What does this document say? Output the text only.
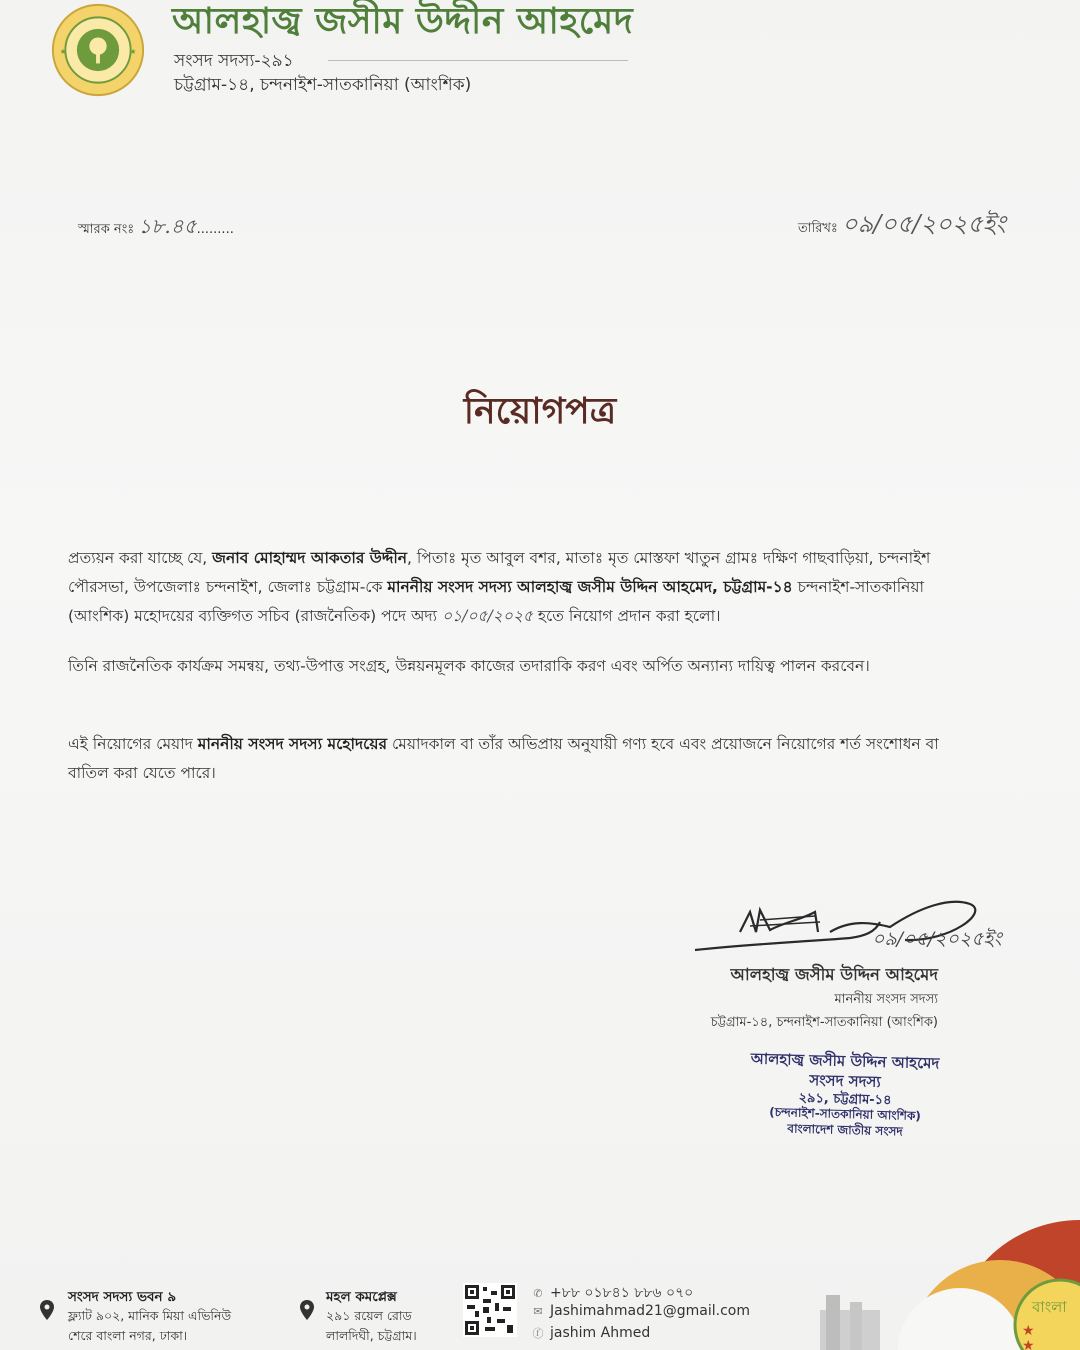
★	★
আলহাজ্ব জসীম উদ্দীন আহমেদ
সংসদ সদস্য-২৯১
চট্টগ্রাম-১৪, চন্দনাইশ-সাতকানিয়া (আংশিক)
স্মারক নংঃ ১৮.৪৫.........	তারিখঃ ০৯/০৫/২০২৫ইং
নিয়োগপত্র
প্রত্যয়ন করা যাচ্ছে যে, জনাব মোহাম্মদ আকতার উদ্দীন, পিতাঃ মৃত আবুল বশর, মাতাঃ মৃত মোস্তফা খাতুন গ্রামঃ দক্ষিণ গাছবাড়িয়া, চন্দনাইশ পৌরসভা, উপজেলাঃ চন্দনাইশ, জেলাঃ চট্টগ্রাম-কে মাননীয় সংসদ সদস্য আলহাজ্ব জসীম উদ্দিন আহমেদ, চট্টগ্রাম-১৪ চন্দনাইশ-সাতকানিয়া (আংশিক) মহোদয়ের ব্যক্তিগত সচিব (রাজনৈতিক) পদে অদ্য ০১/০৫/২০২৫ হতে নিয়োগ প্রদান করা হলো।
তিনি রাজনৈতিক কার্যক্রম সমন্বয়, তথ্য-উপাত্ত সংগ্রহ, উন্নয়নমূলক কাজের তদারাকি করণ এবং অর্পিত অন্যান্য দায়িত্ব পালন করবেন।
এই নিয়োগের মেয়াদ মাননীয় সংসদ সদস্য মহোদয়ের মেয়াদকাল বা তাঁর অভিপ্রায় অনুযায়ী গণ্য হবে এবং প্রয়োজনে নিয়োগের শর্ত সংশোধন বা বাতিল করা যেতে পারে।
০৯/০৫/২০২৫ইং
আলহাজ্ব জসীম উদ্দিন আহমেদ
মাননীয় সংসদ সদস্য
চট্টগ্রাম-১৪, চন্দনাইশ-সাতকানিয়া (আংশিক)
আলহাজ্ব জসীম উদ্দিন আহমেদ
সংসদ সদস্য
২৯১, চট্টগ্রাম-১৪
(চন্দনাইশ-সাতকানিয়া আংশিক)
বাংলাদেশ জাতীয় সংসদ
সংসদ সদস্য ভবন ৯
ফ্ল্যাট ৯০২, মানিক মিয়া এভিনিউ
শেরে বাংলা নগর, ঢাকা।
মহল কমপ্লেক্স
২৯১ রয়েল রোড
লালদিঘী, চট্টগ্রাম।
✆ +৮৮ ০১৮৪১ ৮৮৬ ০৭০
✉ Jashimahmad21@gmail.com
ⓕ jashim Ahmed
বাংলা
★
★
